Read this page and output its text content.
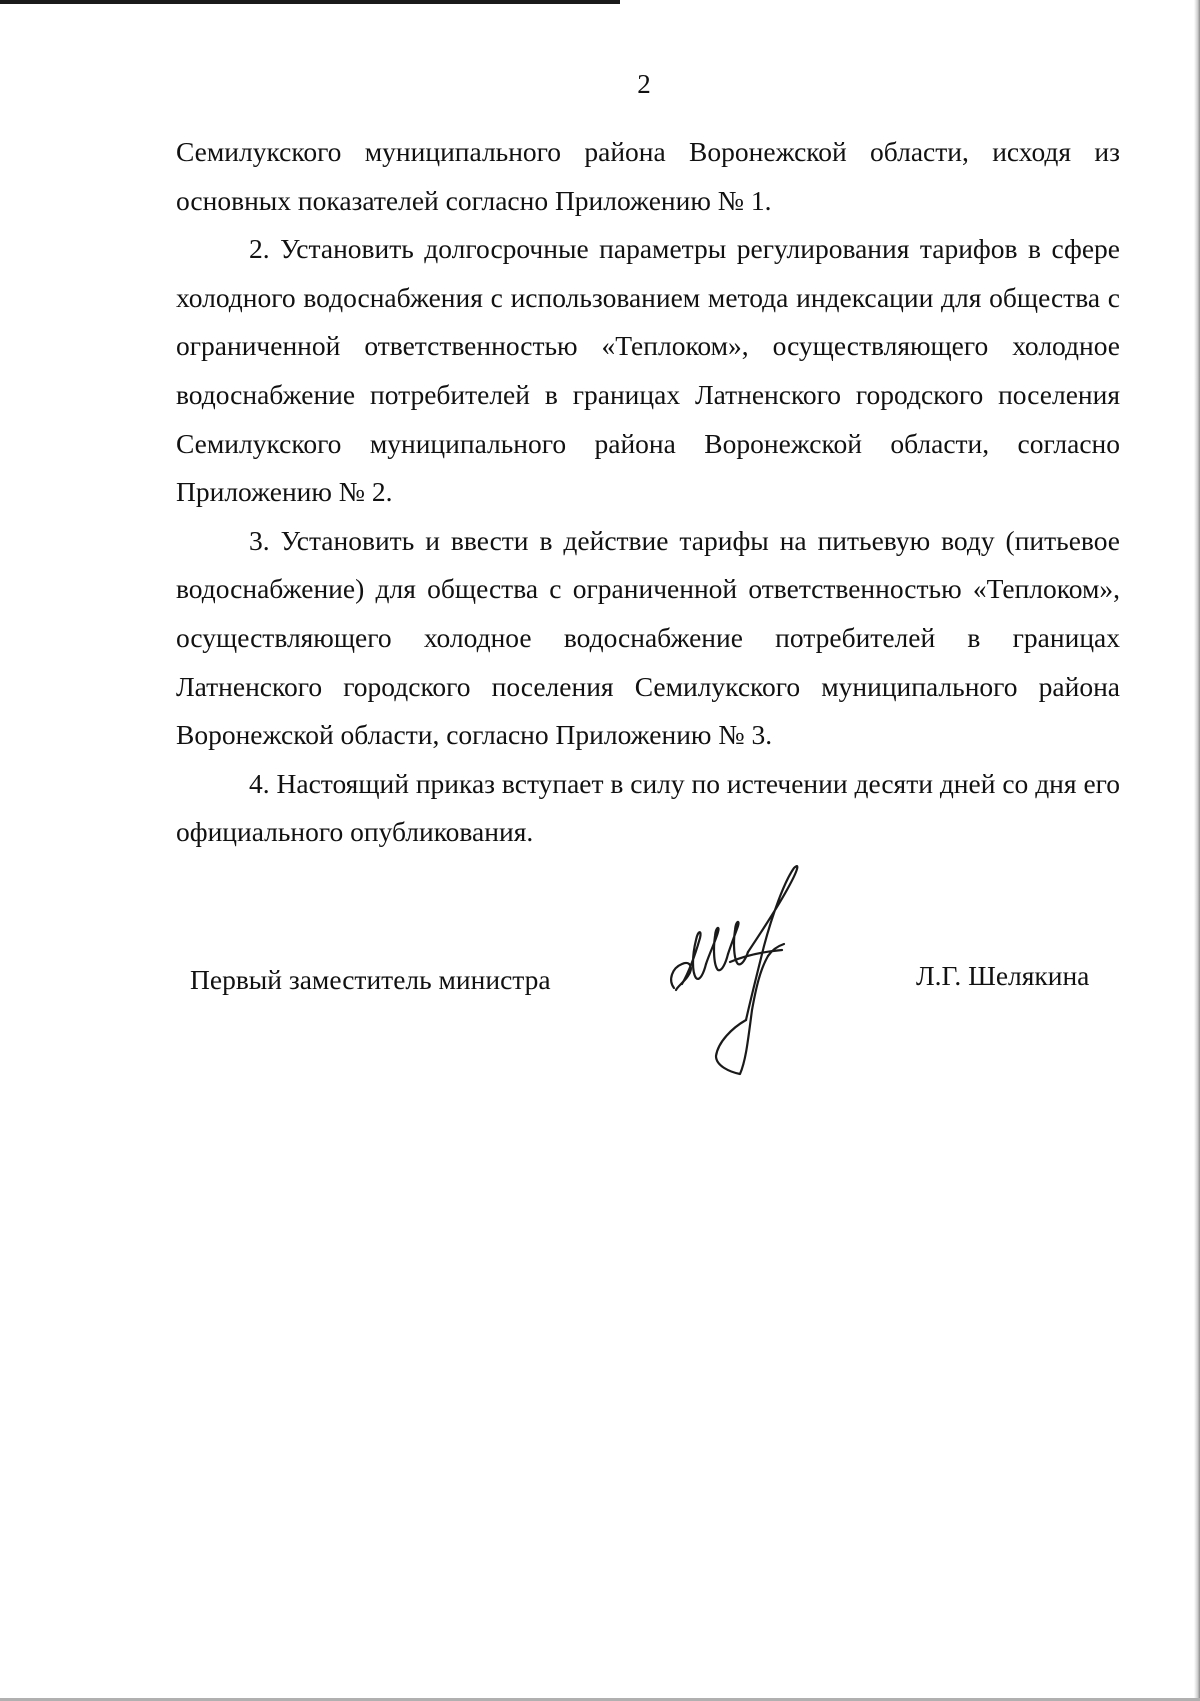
2

Семилукского муниципального района Воронежской области, исходя из основных показателей согласно Приложению № 1.

2. Установить долгосрочные параметры регулирования тарифов в сфере холодного водоснабжения с использованием метода индексации для общества с ограниченной ответственностью «Теплоком», осуществляющего холодное водоснабжение потребителей в границах Латненского городского поселения Семилукского муниципального района Воронежской области, согласно Приложению № 2.

3. Установить и ввести в действие тарифы на питьевую воду (питьевое водоснабжение) для общества с ограниченной ответственностью «Теплоком», осуществляющего холодное водоснабжение потребителей в границах Латненского городского поселения Семилукского муниципального района Воронежской области, согласно Приложению № 3.

4. Настоящий приказ вступает в силу по истечении десяти дней со дня его официального опубликования.

Первый заместитель министра	Л.Г. Шелякина
